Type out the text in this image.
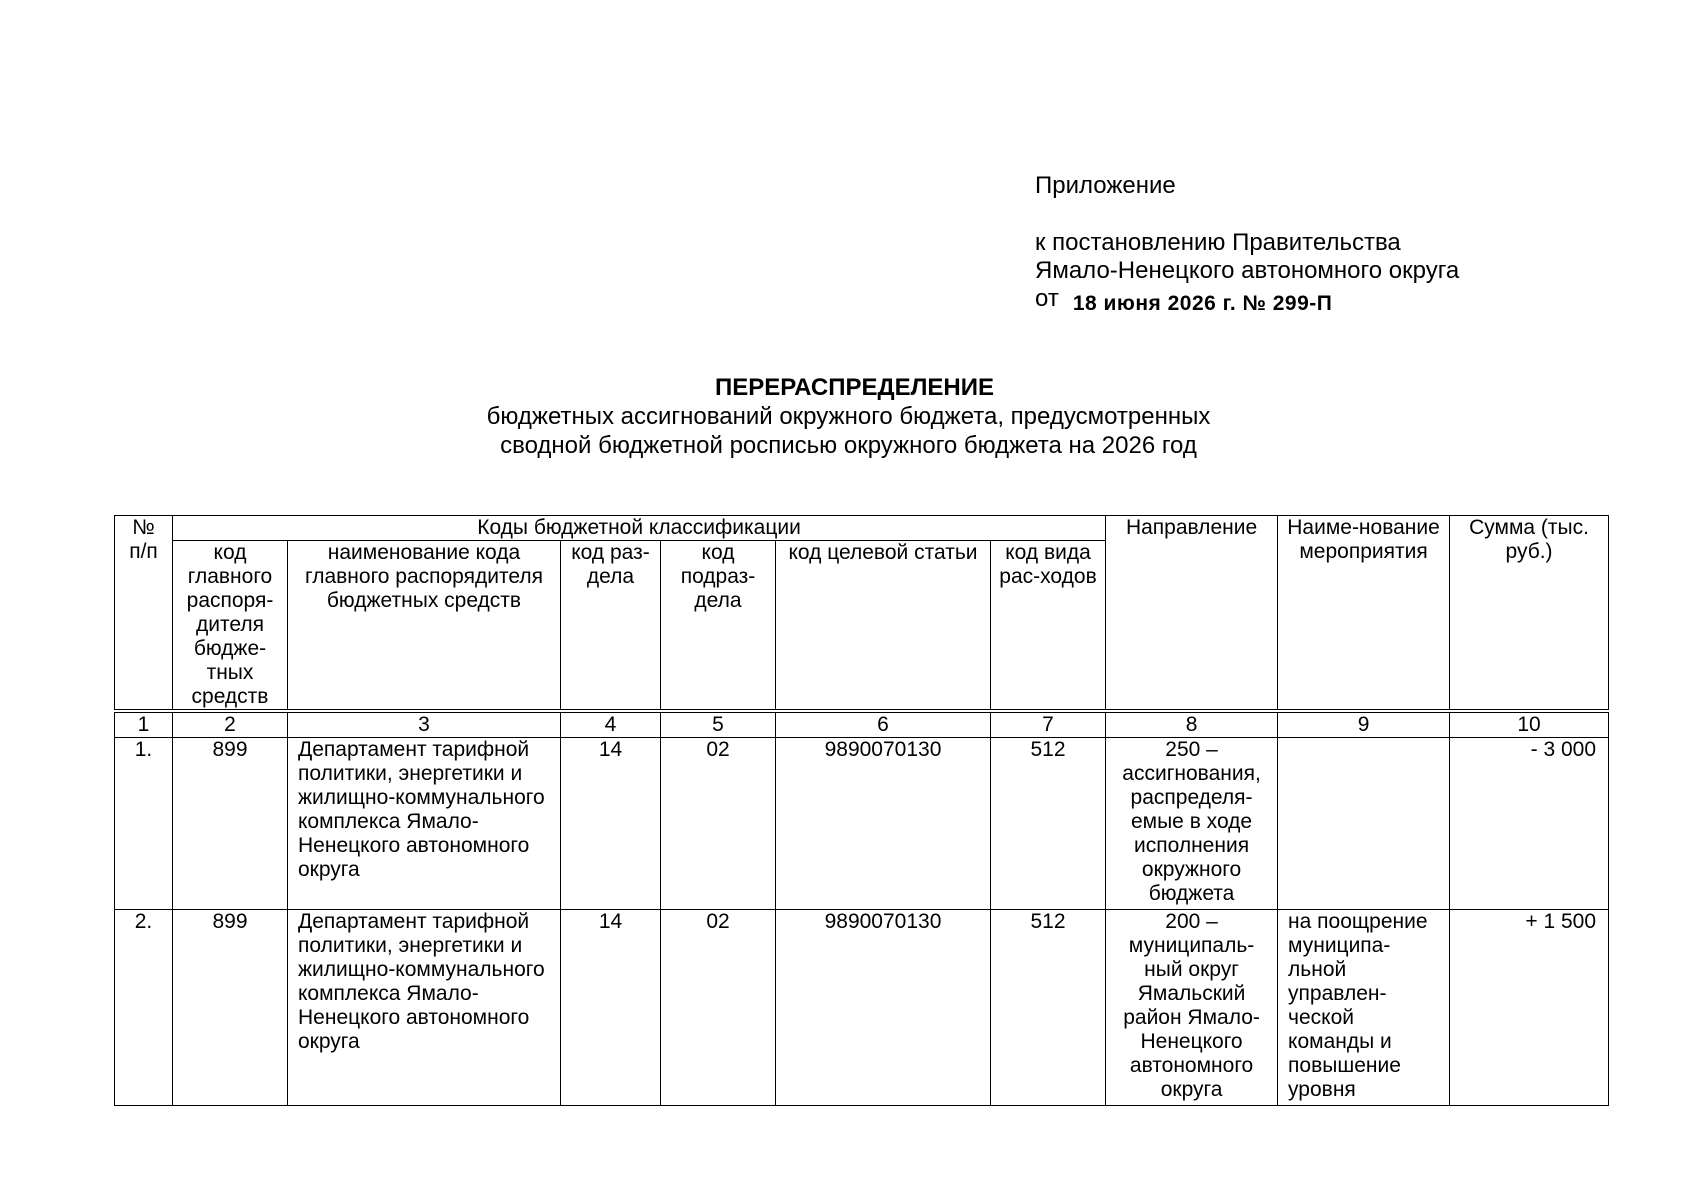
Приложение
к постановлению Правительства
Ямало-Ненецкого автономного округа
от 18 июня 2026 г. № 299-П
ПЕРЕРАСПРЕДЕЛЕНИЕ
бюджетных ассигнований окружного бюджета, предусмотренных
сводной бюджетной росписью окружного бюджета на 2026 год
№ п/п	Коды бюджетной классификации						Направление	Наиме-нование мероприятия	Сумма (тыс. руб.)
	код главного распоря-дителя бюдже-тных средств	наименование кода главного распорядителя бюджетных средств	код раз-дела	код подраз-дела	код целевой статьи	код вида рас-ходов			

1	2	3	4	5	6	7	8	9	10
1.	899	Департамент тарифной политики, энергетики и жилищно-коммунального комплекса Ямало-Ненецкого автономного округа	14	02	9890070130	512	250 – ассигнования, распределя-емые в ходе исполнения окружного бюджета		- 3 000
2.	899	Департамент тарифной политики, энергетики и жилищно-коммунального комплекса Ямало-Ненецкого автономного округа	14	02	9890070130	512	200 – муниципаль-ный округ Ямальский район Ямало-Ненецкого автономного округа	на поощрение муниципа-льной управлен-ческой команды и повышение уровня	+ 1 500
